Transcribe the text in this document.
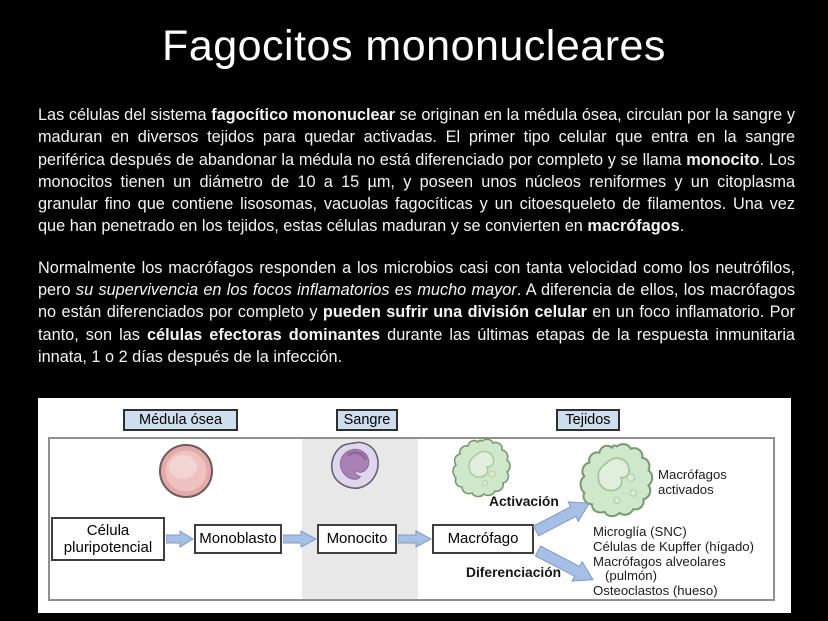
Fagocitos mononucleares

Las células del sistema fagocítico mononuclear se originan en la médula ósea, circulan por la sangre y maduran en diversos tejidos para quedar activadas. El primer tipo celular que entra en la sangre periférica después de abandonar la médula no está diferenciado por completo y se llama monocito. Los monocitos tienen un diámetro de 10 a 15 µm, y poseen unos núcleos reniformes y un citoplasma granular fino que contiene lisosomas, vacuolas fagocíticas y un citoesqueleto de filamentos. Una vez que han penetrado en los tejidos, estas células maduran y se convierten en macrófagos.

Normalmente los macrófagos responden a los microbios casi con tanta velocidad como los neutrófilos, pero su supervivencia en los focos inflamatorios es mucho mayor. A diferencia de ellos, los macrófagos no están diferenciados por completo y pueden sufrir una división celular en un foco inflamatorio. Por tanto, son las células efectoras dominantes durante las últimas etapas de la respuesta inmunitaria innata, 1 o 2 días después de la infección.

Médula ósea	Sangre	Tejidos
Célula pluripotencial
Monoblasto	Monocito	Macrófago
Activación
Diferenciación
Macrófagos activados
Microglía (SNC)
Células de Kupffer (hígado)
Macrófagos alveolares (pulmón)
Osteoclastos (hueso)
